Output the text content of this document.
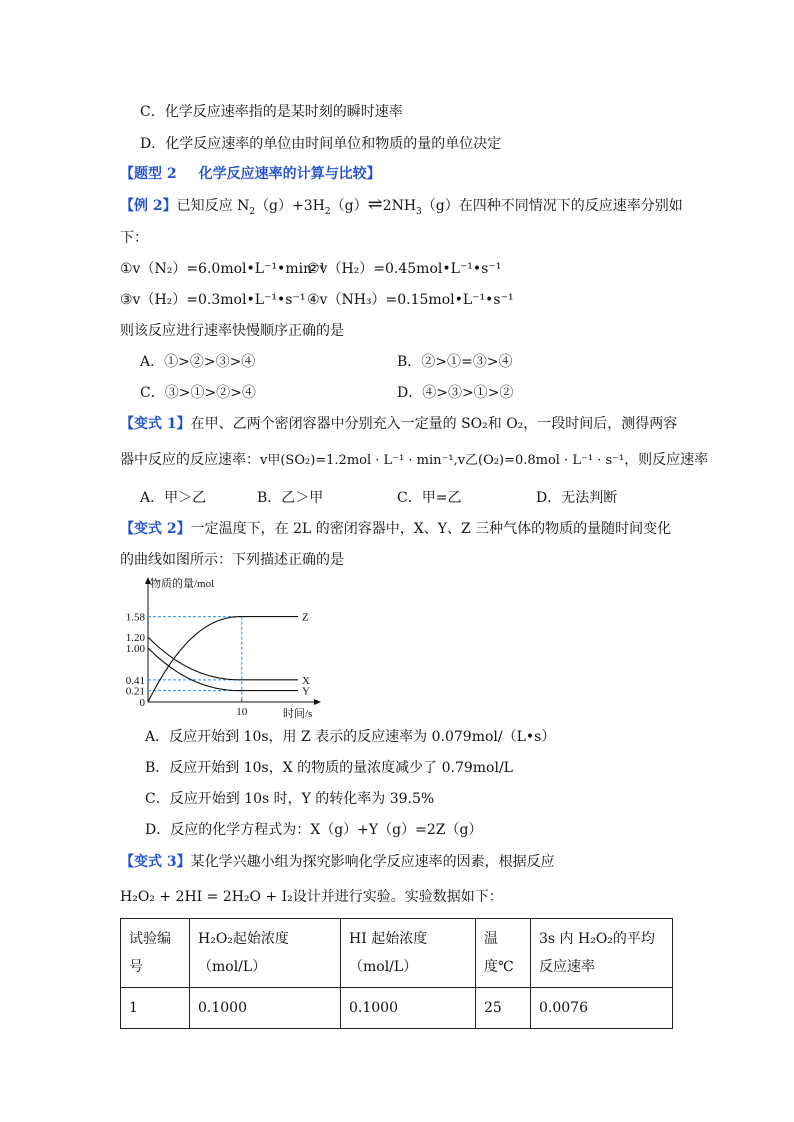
C．化学反应速率指的是某时刻的瞬时速率
D．化学反应速率的单位由时间单位和物质的量的单位决定
【题型 2 化学反应速率的计算与比较】
【例 2】已知反应 $N_2(g)+3H_2(g)\rightleftharpoons 2NH_3(g)$在四种不同情况下的反应速率分别如
下：
①v（N₂）=6.0mol•L⁻¹•min⁻¹
②v（H₂）=0.45mol•L⁻¹•s⁻¹
③v（H₂）=0.3mol•L⁻¹•s⁻¹ ④v（NH₃）=0.15mol•L⁻¹•s⁻¹
则该反应进行速率快慢顺序正确的是
A．①>②>③>④	B．②>①=③>④
C．③>①>②>④	D．④>③>①>②
【变式 1】在甲、乙两个密闭容器中分别充入一定量的 SO₂和 O₂，一段时间后，测得两容
器中反应的反应速率：v甲(SO₂)=1.2mol · L⁻¹ · min⁻¹,v乙(O₂)=0.8mol · L⁻¹ · s⁻¹，则反应速率
A．甲＞乙	B．乙＞甲	C．甲=乙	D．无法判断
【变式 2】一定温度下，在 2L 的密闭容器中，X、Y、Z 三种气体的物质的量随时间变化
的曲线如图所示：下列描述正确的是
物质的量/mol
时间/s
1.58
1.20
1.00
0.41
0.21
0
10
Z
X
Y
A．反应开始到 10s，用 Z 表示的反应速率为 0.079mol/（L•s）
B．反应开始到 10s，X 的物质的量浓度减少了 0.79mol/L
C．反应开始到 10s 时，Y 的转化率为 39.5%
D．反应的化学方程式为：X（g）+Y（g）=2Z（g）
【变式 3】某化学兴趣小组为探究影响化学反应速率的因素，根据反应
H₂O₂ + 2HI = 2H₂O + I₂设计并进行实验。实验数据如下：
试验编号	H₂O₂起始浓度（mol/L）	HI 起始浓度（mol/L）	温度℃	3s 内 H₂O₂的平均反应速率
1	0.1000	0.1000	25	0.0076
